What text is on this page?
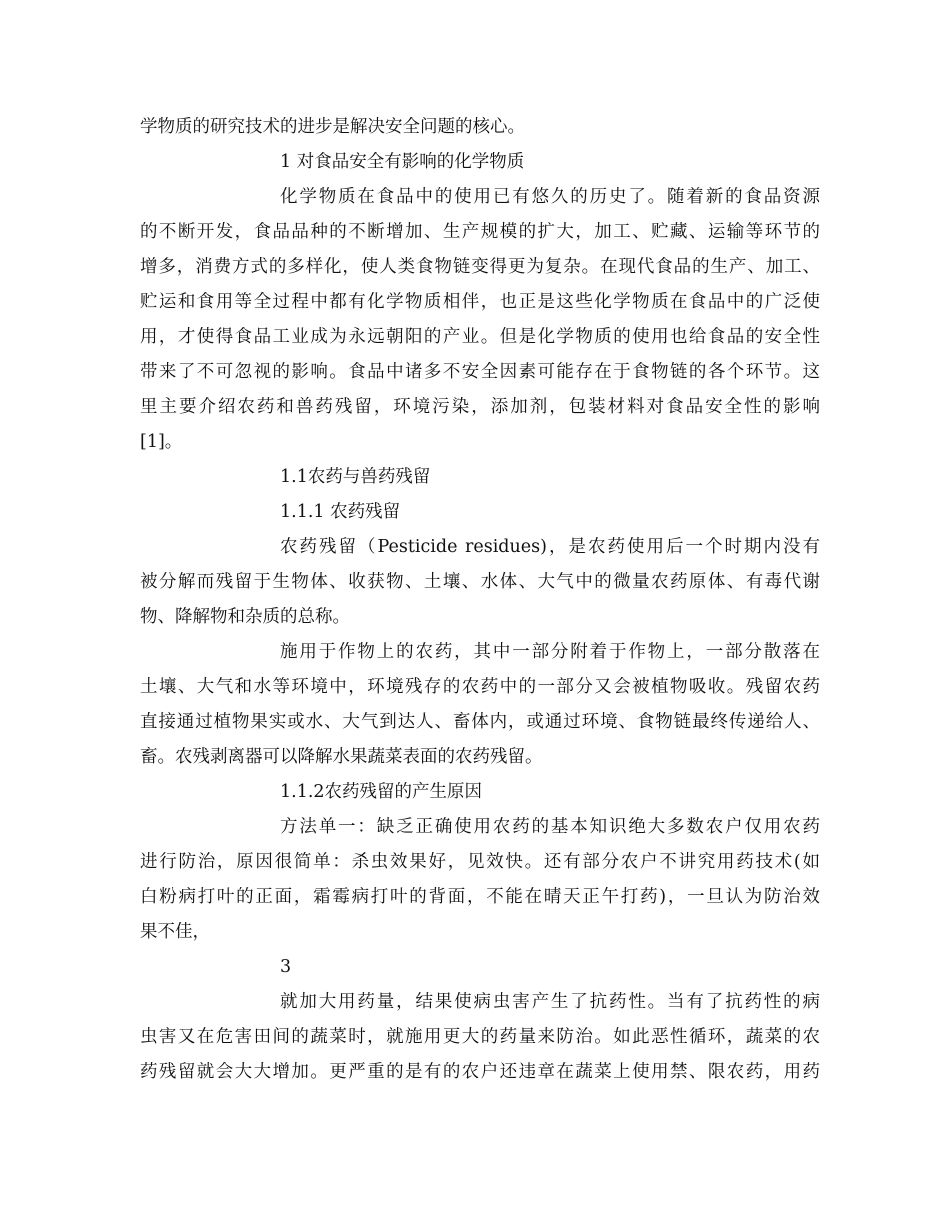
学物质的研究技术的进步是解决安全问题的核心。
1 对食品安全有影响的化学物质
化学物质在食品中的使用已有悠久的历史了。随着新的食品资源
的不断开发，食品品种的不断增加、生产规模的扩大，加工、贮藏、运输等环节的
增多，消费方式的多样化，使人类食物链变得更为复杂。在现代食品的生产、加工、
贮运和食用等全过程中都有化学物质相伴，也正是这些化学物质在食品中的广泛使
用，才使得食品工业成为永远朝阳的产业。但是化学物质的使用也给食品的安全性
带来了不可忽视的影响。食品中诸多不安全因素可能存在于食物链的各个环节。这
里主要介绍农药和兽药残留，环境污染，添加剂，包装材料对食品安全性的影响
[1]。
1.1农药与兽药残留
1.1.1 农药残留
农药残留（Pesticide residues)，是农药使用后一个时期内没有
被分解而残留于生物体、收获物、土壤、水体、大气中的微量农药原体、有毒代谢
物、降解物和杂质的总称。
施用于作物上的农药，其中一部分附着于作物上，一部分散落在
土壤、大气和水等环境中，环境残存的农药中的一部分又会被植物吸收。残留农药
直接通过植物果实或水、大气到达人、畜体内，或通过环境、食物链最终传递给人、
畜。农残剥离器可以降解水果蔬菜表面的农药残留。
1.1.2农药残留的产生原因
方法单一：缺乏正确使用农药的基本知识绝大多数农户仅用农药
进行防治，原因很简单：杀虫效果好，见效快。还有部分农户不讲究用药技术(如
白粉病打叶的正面，霜霉病打叶的背面，不能在晴天正午打药)，一旦认为防治效
果不佳，
3
就加大用药量，结果使病虫害产生了抗药性。当有了抗药性的病
虫害又在危害田间的蔬菜时，就施用更大的药量来防治。如此恶性循环，蔬菜的农
药残留就会大大增加。更严重的是有的农户还违章在蔬菜上使用禁、限农药，用药
